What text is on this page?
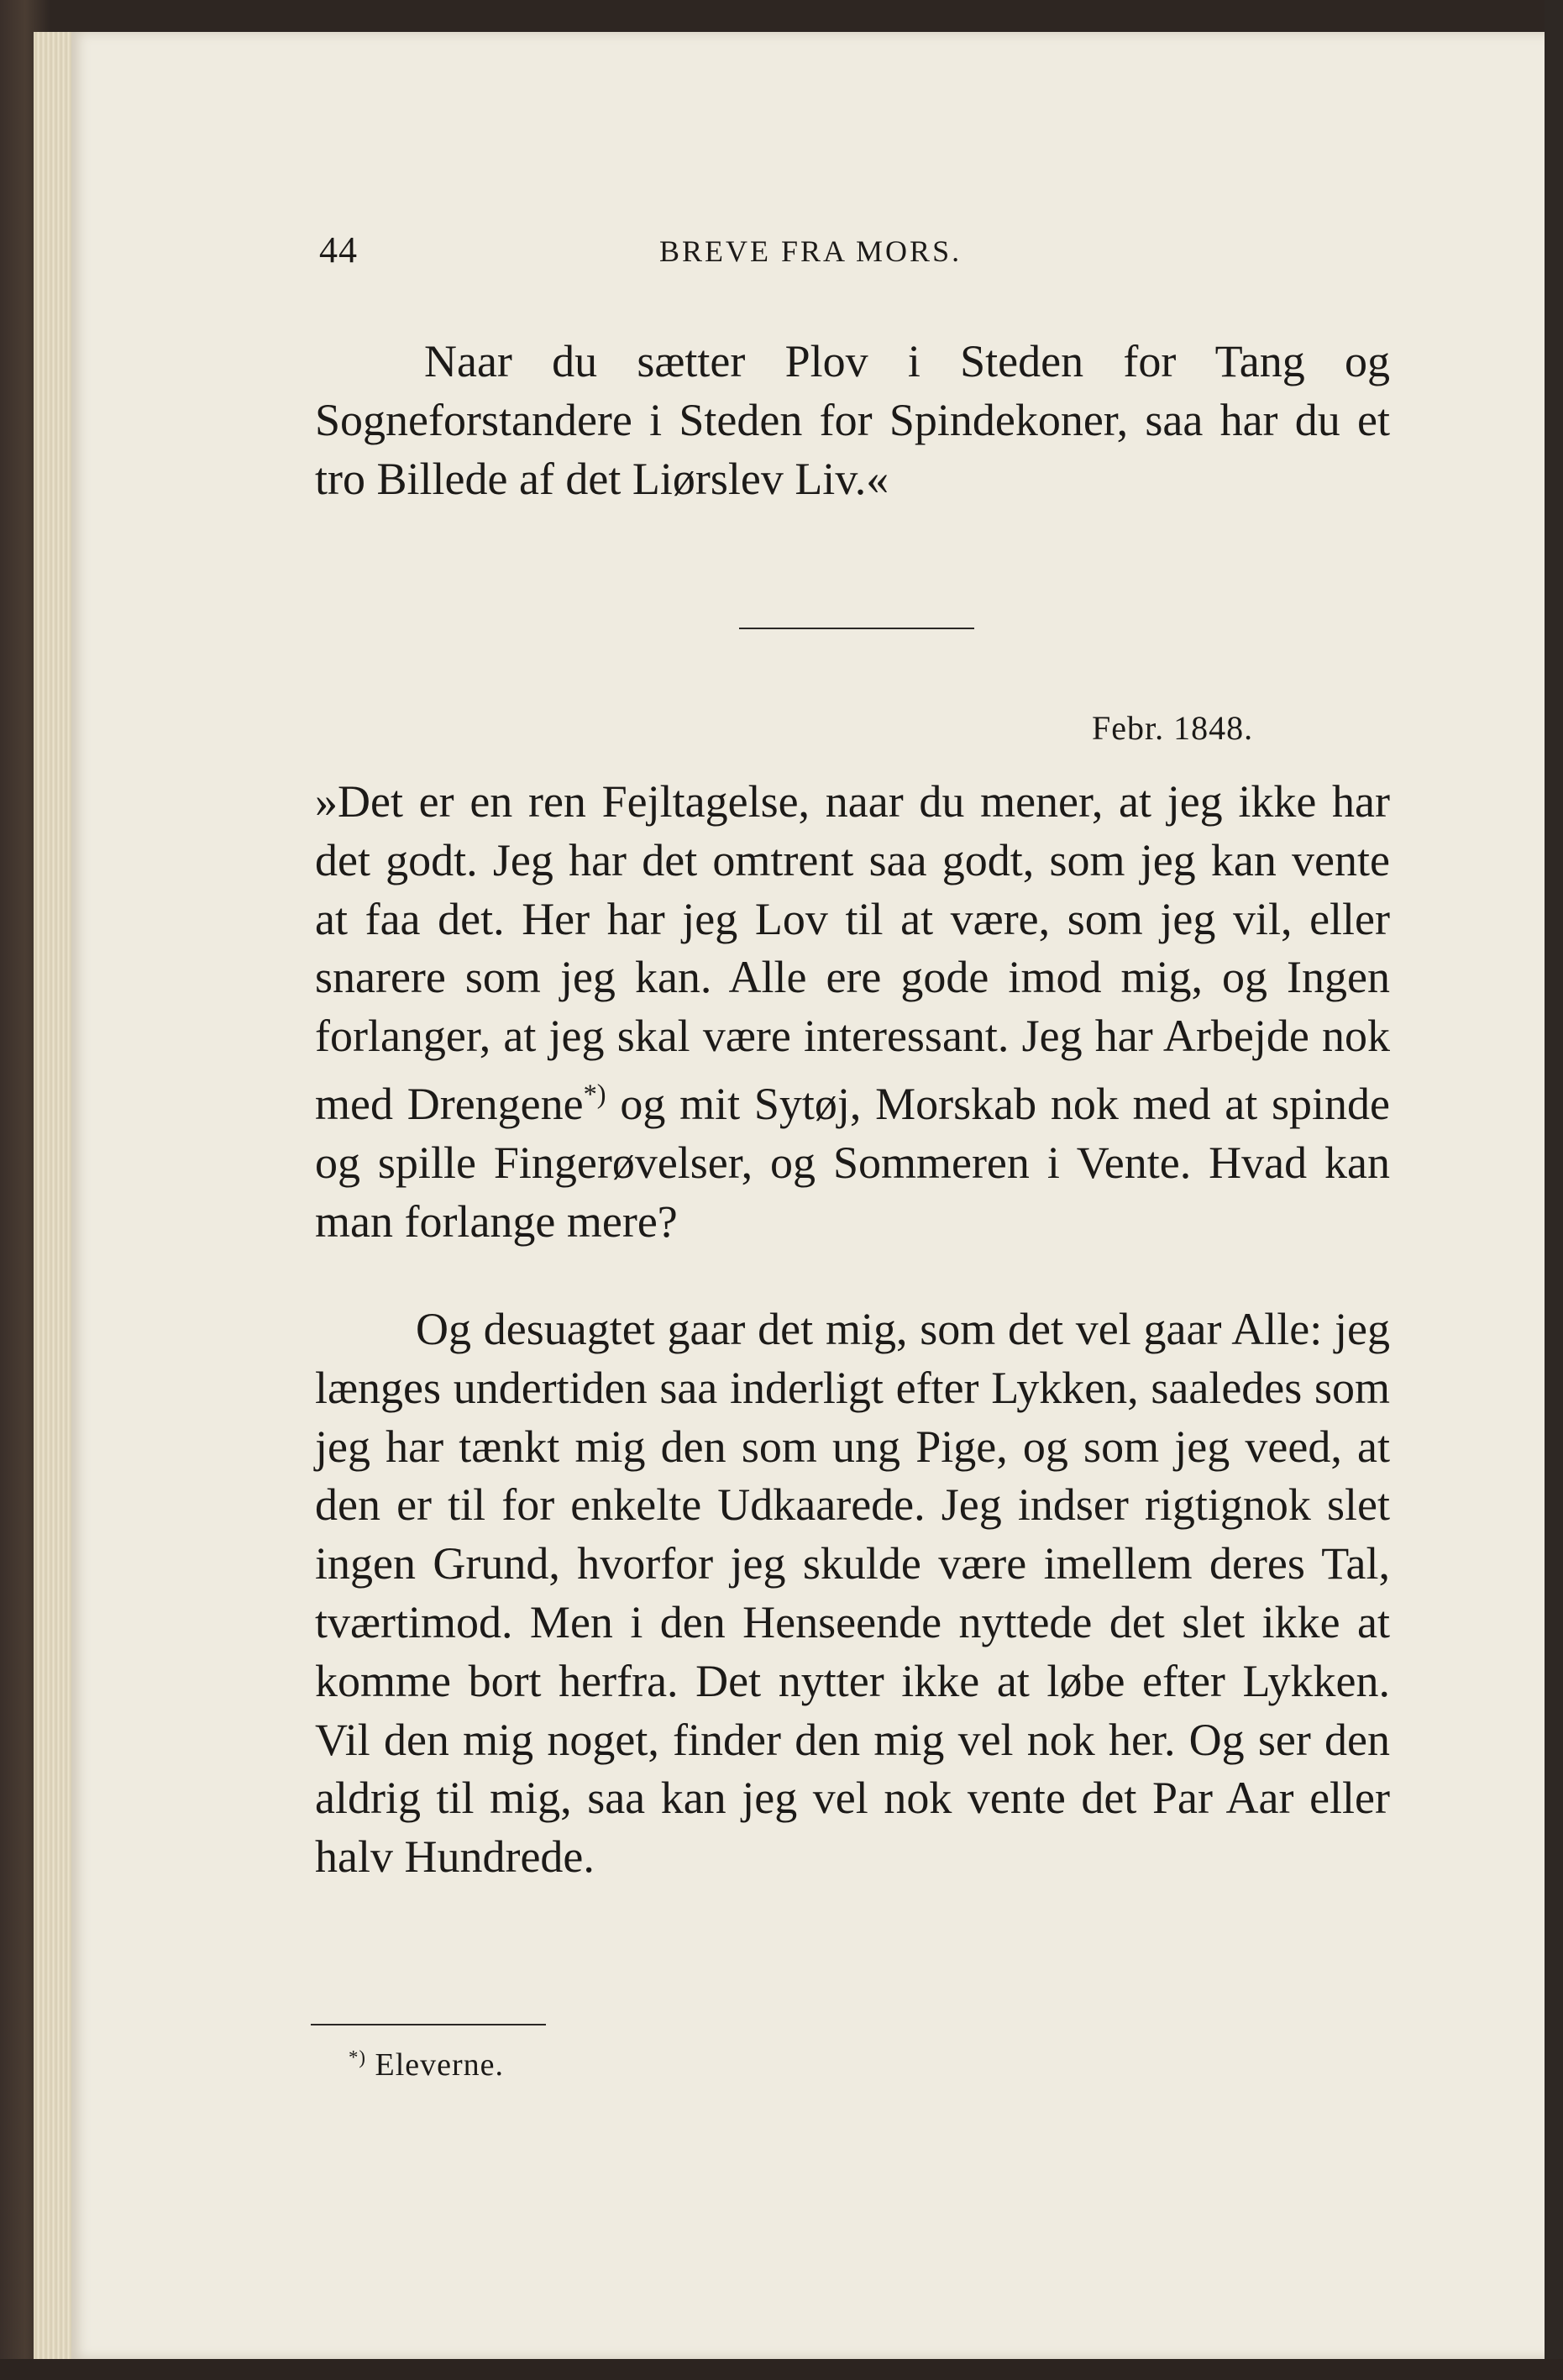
44	BREVE FRA MORS.

Naar du sætter Plov i Steden for Tang og Sogneforstandere i Steden for Spindekoner, saa har du et tro Billede af det Liørslev Liv.«

Febr. 1848.

»Det er en ren Fejltagelse, naar du mener, at jeg ikke har det godt. Jeg har det omtrent saa godt, som jeg kan vente at faa det. Her har jeg Lov til at være, som jeg vil, eller snarere som jeg kan. Alle ere gode imod mig, og Ingen forlanger, at jeg skal være interessant. Jeg har Arbejde nok med Drengene*) og mit Sytøj, Morskab nok med at spinde og spille Fingerøvelser, og Sommeren i Vente. Hvad kan man forlange mere?

Og desuagtet gaar det mig, som det vel gaar Alle: jeg længes undertiden saa inderligt efter Lykken, saaledes som jeg har tænkt mig den som ung Pige, og som jeg veed, at den er til for enkelte Udkaarede. Jeg indser rigtignok slet ingen Grund, hvorfor jeg skulde være imellem deres Tal, tværtimod. Men i den Henseende nyttede det slet ikke at komme bort herfra. Det nytter ikke at løbe efter Lykken. Vil den mig noget, finder den mig vel nok her. Og ser den aldrig til mig, saa kan jeg vel nok vente det Par Aar eller halv Hundrede.

*) Eleverne.
